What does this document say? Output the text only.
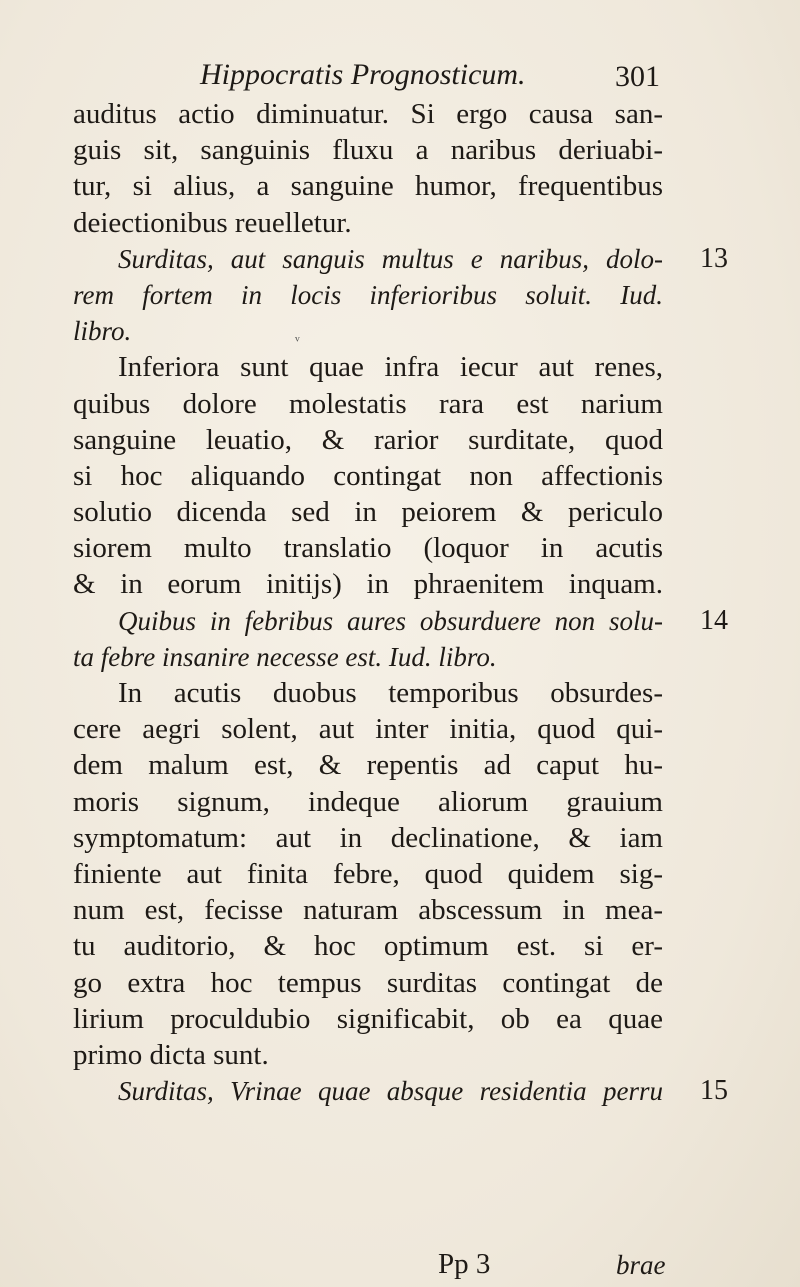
Hippocratis Prognosticum.	301
auditus actio diminuatur. Si ergo causa san-
guis sit, sanguinis fluxu a naribus deriuabi-
tur, si alius, a sanguine humor, frequentibus
deiectionibus reuelletur.
Surditas, aut sanguis multus e naribus, dolo-
rem fortem in locis inferioribus soluit. Iud.
libro.
Inferiora sunt quae infra iecur aut renes,
quibus dolore molestatis rara est narium
sanguine leuatio, & rarior surditate, quod
si hoc aliquando contingat non affectionis
solutio dicenda sed in peiorem & periculo
siorem multo translatio (loquor in acutis
& in eorum initijs) in phraenitem inquam.
Quibus in febribus aures obsurduere non solu-
ta febre insanire necesse est. Iud. libro.
In acutis duobus temporibus obsurdes-
cere aegri solent, aut inter initia, quod qui-
dem malum est, & repentis ad caput hu-
moris signum, indeque aliorum grauium
symptomatum: aut in declinatione, & iam
finiente aut finita febre, quod quidem sig-
num est, fecisse naturam abscessum in mea-
tu auditorio, & hoc optimum est. si er-
go extra hoc tempus surditas contingat de
lirium proculdubio significabit, ob ea quae
primo dicta sunt.
Surditas, Vrinae quae absque residentia perru
13
14
15
ᵛ
Pp 3	brae
